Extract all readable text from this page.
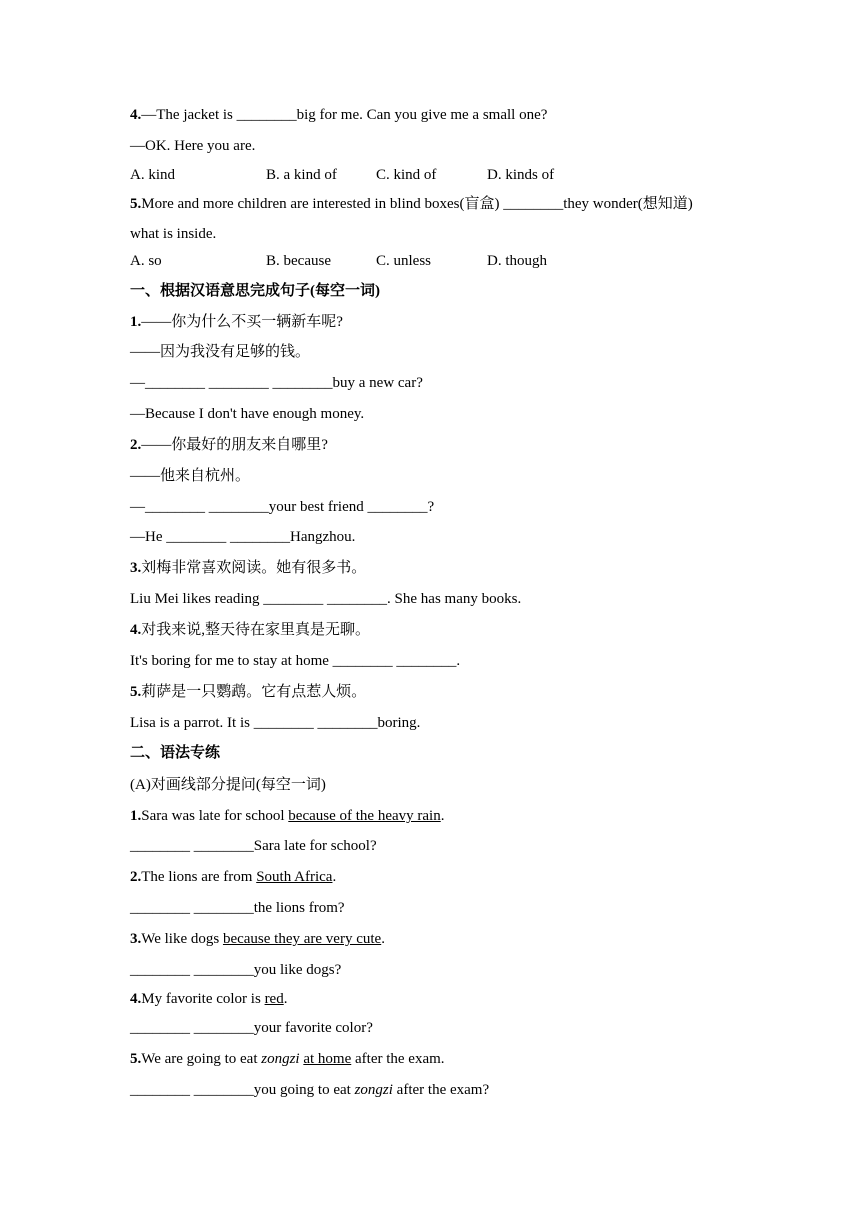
4.—The jacket is ________big for me. Can you give me a small one?
—OK. Here you are.
A. kind	B. a kind of	C. kind of	D. kinds of
5.More and more children are interested in blind boxes(盲盒) ________they wonder(想知道)
what is inside.
A. so	B. because	C. unless	D. though
一、根据汉语意思完成句子(每空一词)
1.——你为什么不买一辆新车呢?
——因为我没有足够的钱。
—________ ________ ________buy a new car?
—Because I don't have enough money.
2.——你最好的朋友来自哪里?
——他来自杭州。
—________ ________your best friend ________?
—He ________ ________Hangzhou.
3.刘梅非常喜欢阅读。她有很多书。
Liu Mei likes reading ________ ________. She has many books.
4.对我来说,整天待在家里真是无聊。
It's boring for me to stay at home ________ ________.
5.莉萨是一只鹦鹉。它有点惹人烦。
Lisa is a parrot. It is ________ ________boring.
二、语法专练
(A)对画线部分提问(每空一词)
1.Sara was late for school because of the heavy rain.
________ ________Sara late for school?
2.The lions are from South Africa.
________ ________the lions from?
3.We like dogs because they are very cute.
________ ________you like dogs?
4.My favorite color is red.
________ ________your favorite color?
5.We are going to eat zongzi at home after the exam.
________ ________you going to eat zongzi after the exam?
